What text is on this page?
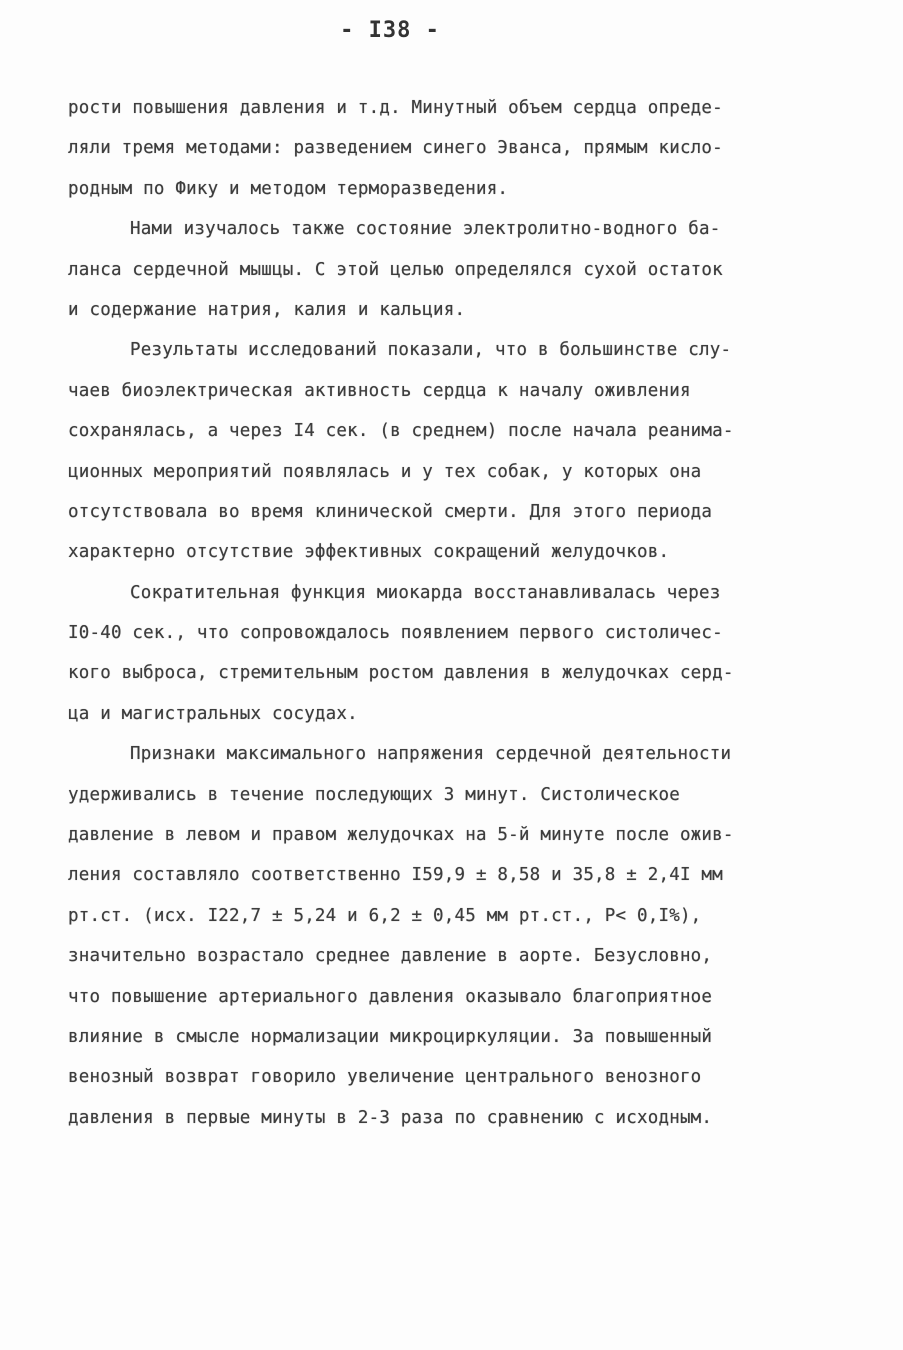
- I38 -
рости повышения давления и т.д. Минутный объем сердца опреде-
ляли тремя методами: разведением синего Эванса, прямым кисло-
родным по Фику и методом терморазведения.
Нами изучалось также состояние электролитно-водного ба-
ланса сердечной мышцы. С этой целью определялся сухой остаток
и содержание натрия, калия и кальция.
Результаты исследований показали, что в большинстве слу-
чаев биоэлектрическая активность сердца к началу оживления
сохранялась, а через I4 сек. (в среднем) после начала реанима-
ционных мероприятий появлялась и у тех собак, у которых она
отсутствовала во время клинической смерти. Для этого периода
характерно отсутствие эффективных сокращений желудочков.
Сократительная функция миокарда восстанавливалась через
I0-40 сек., что сопровождалось появлением первого систоличес-
кого выброса, стремительным ростом давления в желудочках серд-
ца и магистральных сосудах.
Признаки максимального напряжения сердечной деятельности
удерживались в течение последующих 3 минут. Систолическое
давление в левом и правом желудочках на 5-й минуте после ожив-
ления составляло соответственно I59,9 ± 8,58 и 35,8 ± 2,4I мм
рт.ст. (исх. I22,7 ± 5,24 и 6,2 ± 0,45 мм рт.ст., P< 0,I%),
значительно возрастало среднее давление в аорте. Безусловно,
что повышение артериального давления оказывало благоприятное
влияние в смысле нормализации микроциркуляции. За повышенный
венозный возврат говорило увеличение центрального венозного
давления в первые минуты в 2-3 раза по сравнению с исходным.
